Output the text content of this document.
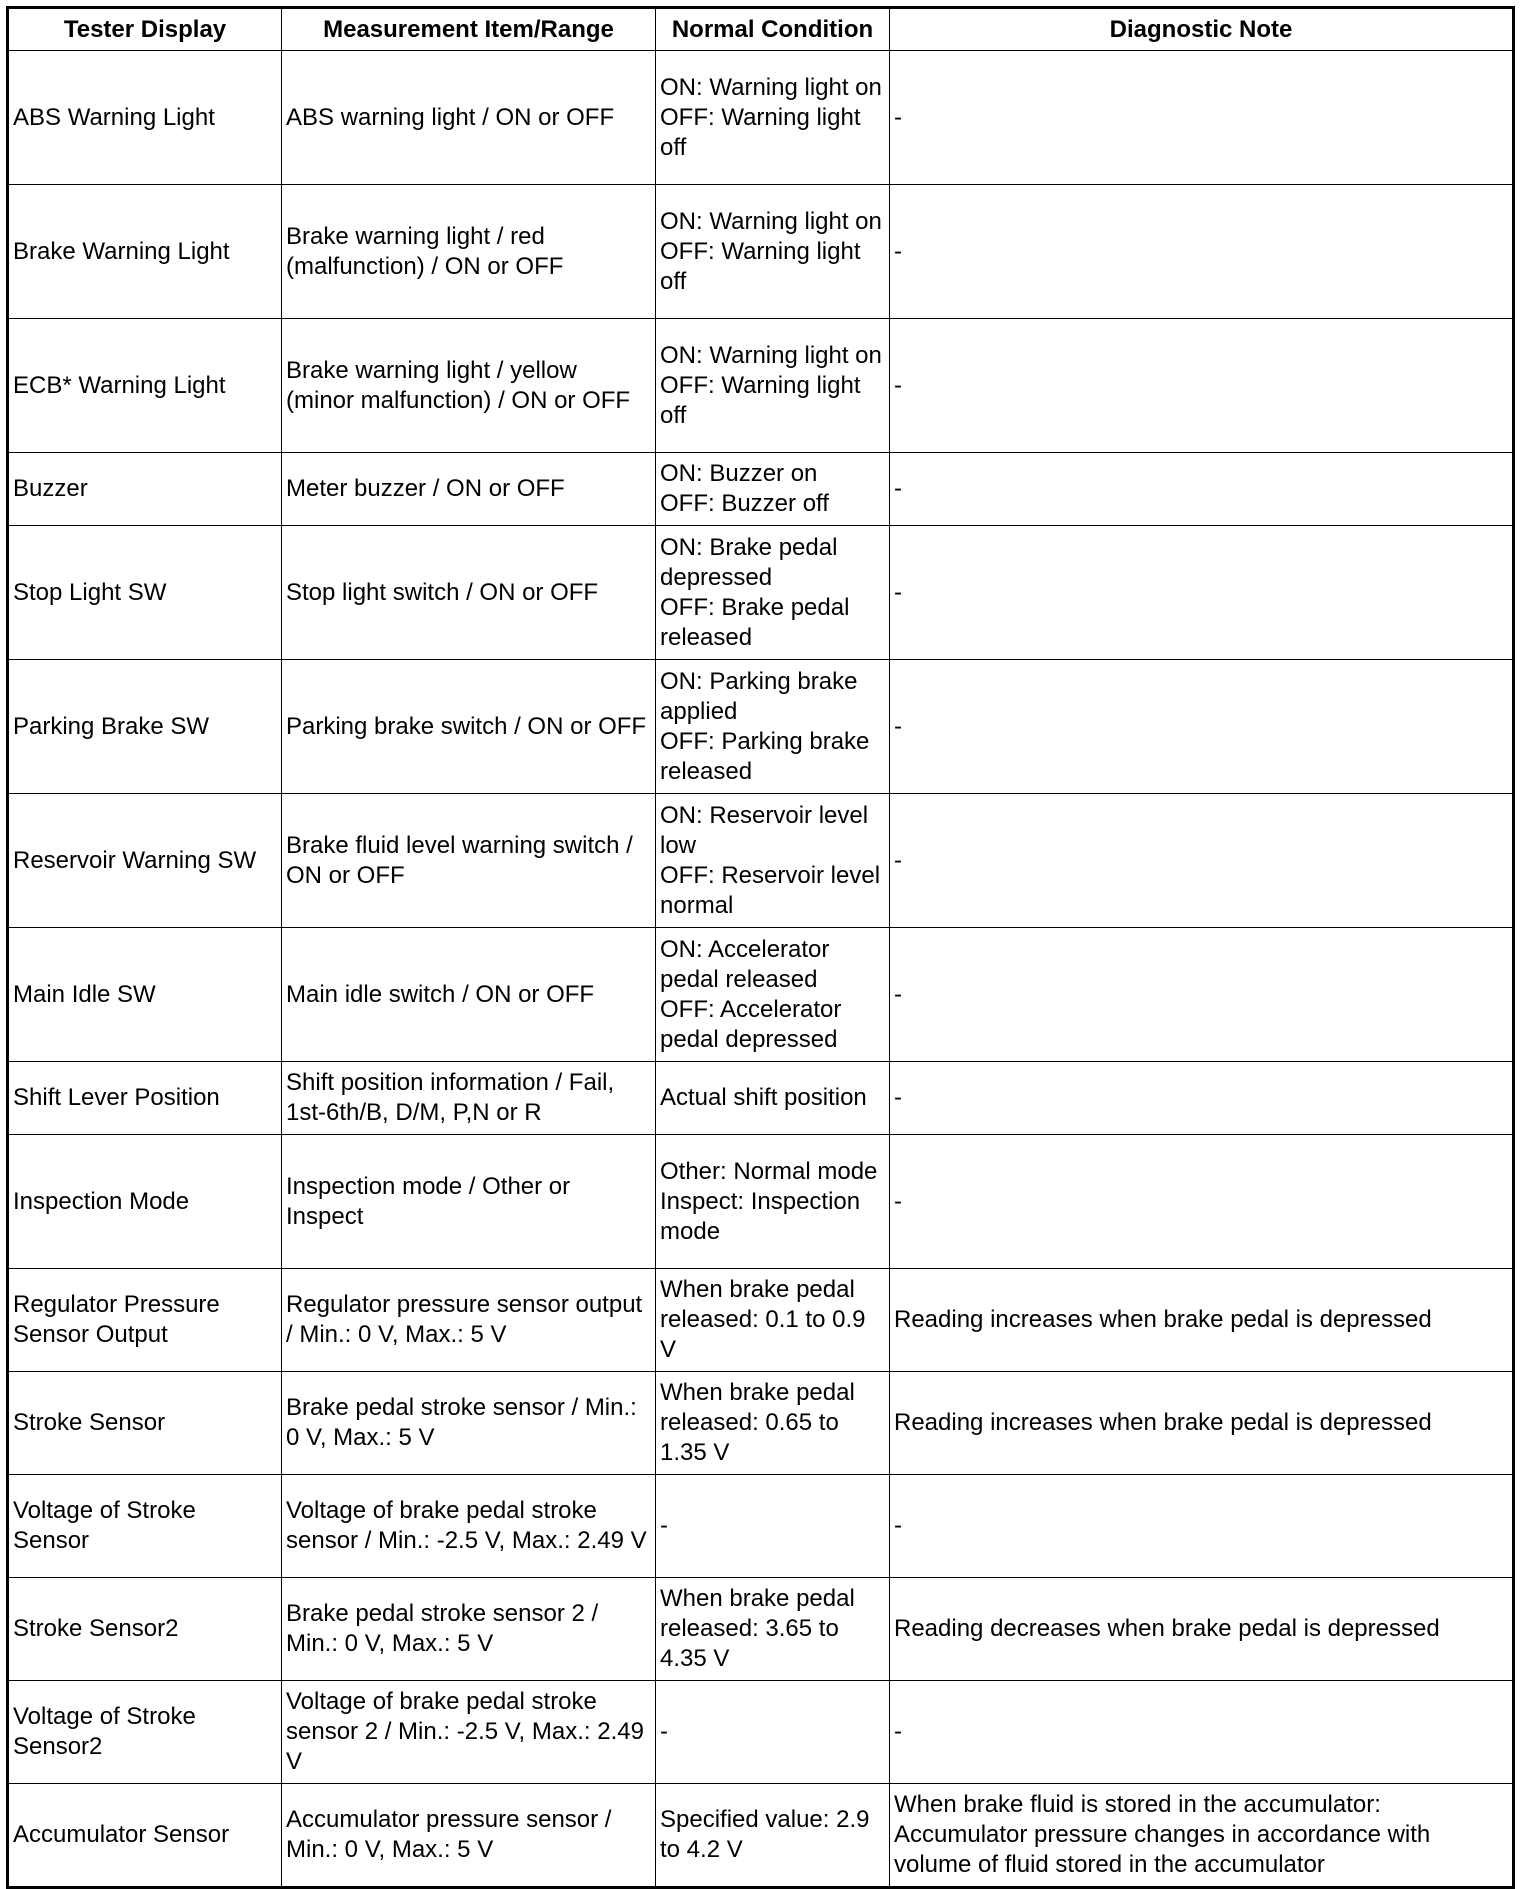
Tester Display	Measurement Item/Range	Normal Condition	Diagnostic Note
ABS Warning Light	ABS warning light / ON or OFF	ON: Warning light on
OFF: Warning light off	-
Brake Warning Light	Brake warning light / red (malfunction) / ON or OFF	ON: Warning light on
OFF: Warning light off	-
ECB* Warning Light	Brake warning light / yellow (minor malfunction) / ON or OFF	ON: Warning light on
OFF: Warning light off	-
Buzzer	Meter buzzer / ON or OFF	ON: Buzzer on
OFF: Buzzer off	-
Stop Light SW	Stop light switch / ON or OFF	ON: Brake pedal depressed
OFF: Brake pedal released	-
Parking Brake SW	Parking brake switch / ON or OFF	ON: Parking brake applied
OFF: Parking brake released	-
Reservoir Warning SW	Brake fluid level warning switch / ON or OFF	ON: Reservoir level low
OFF: Reservoir level normal	-
Main Idle SW	Main idle switch / ON or OFF	ON: Accelerator pedal released
OFF: Accelerator pedal depressed	-
Shift Lever Position	Shift position information / Fail, 1st-6th/B, D/M, P,N or R	Actual shift position	-
Inspection Mode	Inspection mode / Other or Inspect	Other: Normal mode
Inspect: Inspection mode	-
Regulator Pressure Sensor Output	Regulator pressure sensor output / Min.: 0 V, Max.: 5 V	When brake pedal released: 0.1 to 0.9 V	Reading increases when brake pedal is depressed
Stroke Sensor	Brake pedal stroke sensor / Min.: 0 V, Max.: 5 V	When brake pedal released: 0.65 to 1.35 V	Reading increases when brake pedal is depressed
Voltage of Stroke Sensor	Voltage of brake pedal stroke sensor / Min.: -2.5 V, Max.: 2.49 V	-	-
Stroke Sensor2	Brake pedal stroke sensor 2 / Min.: 0 V, Max.: 5 V	When brake pedal released: 3.65 to 4.35 V	Reading decreases when brake pedal is depressed
Voltage of Stroke Sensor2	Voltage of brake pedal stroke sensor 2 / Min.: -2.5 V, Max.: 2.49 V	-	-
Accumulator Sensor	Accumulator pressure sensor / Min.: 0 V, Max.: 5 V	Specified value: 2.9 to 4.2 V	When brake fluid is stored in the accumulator: Accumulator pressure changes in accordance with volume of fluid stored in the accumulator
